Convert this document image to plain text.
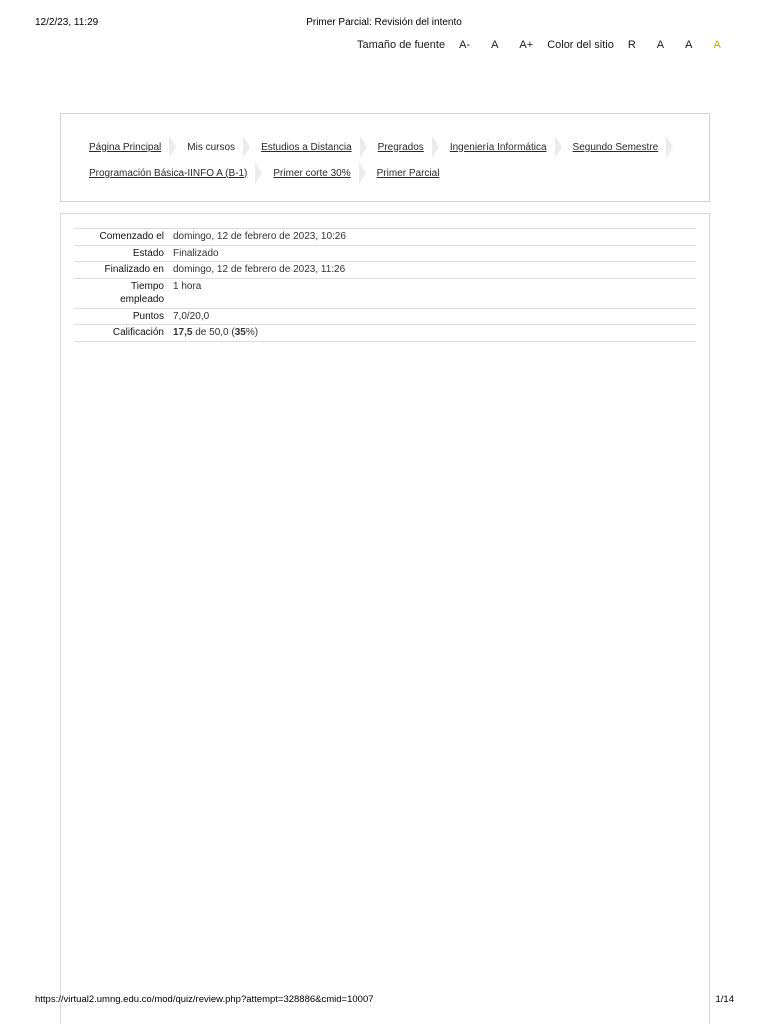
12/2/23, 11:29	Primer Parcial: Revisión del intento
Tamaño de fuente A- A A+ Color del sitio R A A A
Página Principal	Mis cursos	Estudios a Distancia	Pregrados	Ingeniería Informática	Segundo Semestre
Programación Básica-IINFO A (B-1)	Primer corte 30%	Primer Parcial
Comenzado el	domingo, 12 de febrero de 2023, 10:26
Estado	Finalizado
Finalizado en	domingo, 12 de febrero de 2023, 11:26
Tiempo empleado	1 hora
Puntos	7,0/20,0
Calificación	17,5 de 50,0 (35%)
https://virtual2.umng.edu.co/mod/quiz/review.php?attempt=328886&cmid=10007	1/14
